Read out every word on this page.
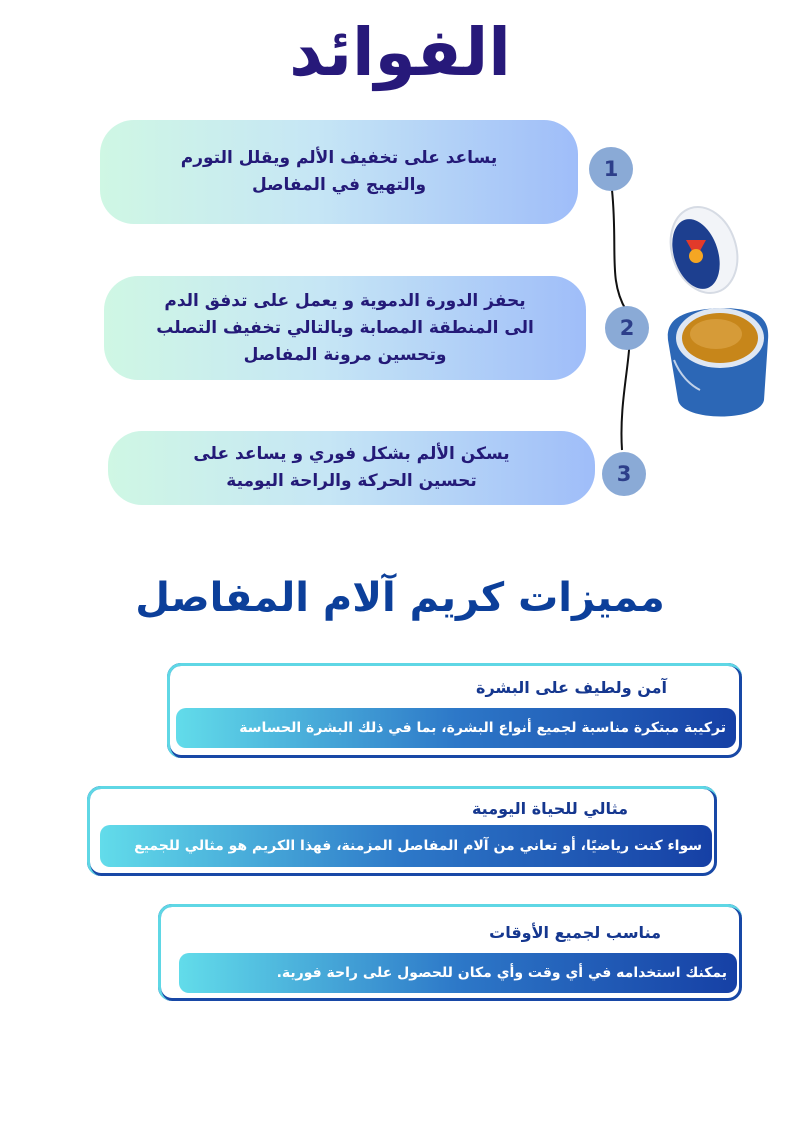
الفوائد
يساعد على تخفيف الألم ويقلل التورم
والتهيج في المفاصل
يحفز الدورة الدموية و يعمل على تدفق الدم
الى المنطقة المصابة وبالتالي تخفيف التصلب
وتحسين مرونة المفاصل
يسكن الألم بشكل فوري و يساعد على
تحسين الحركة والراحة اليومية
1
2
3
مميزات كريم آلام المفاصل
آمن ولطيف على البشرة
تركيبة مبتكرة مناسبة لجميع أنواع البشرة، بما في ذلك البشرة الحساسة
مثالي للحياة اليومية
سواء كنت رياضيًا، أو تعاني من آلام المفاصل المزمنة، فهذا الكريم هو مثالي للجميع
مناسب لجميع الأوقات
يمكنك استخدامه في أي وقت وأي مكان للحصول على راحة فورية.
